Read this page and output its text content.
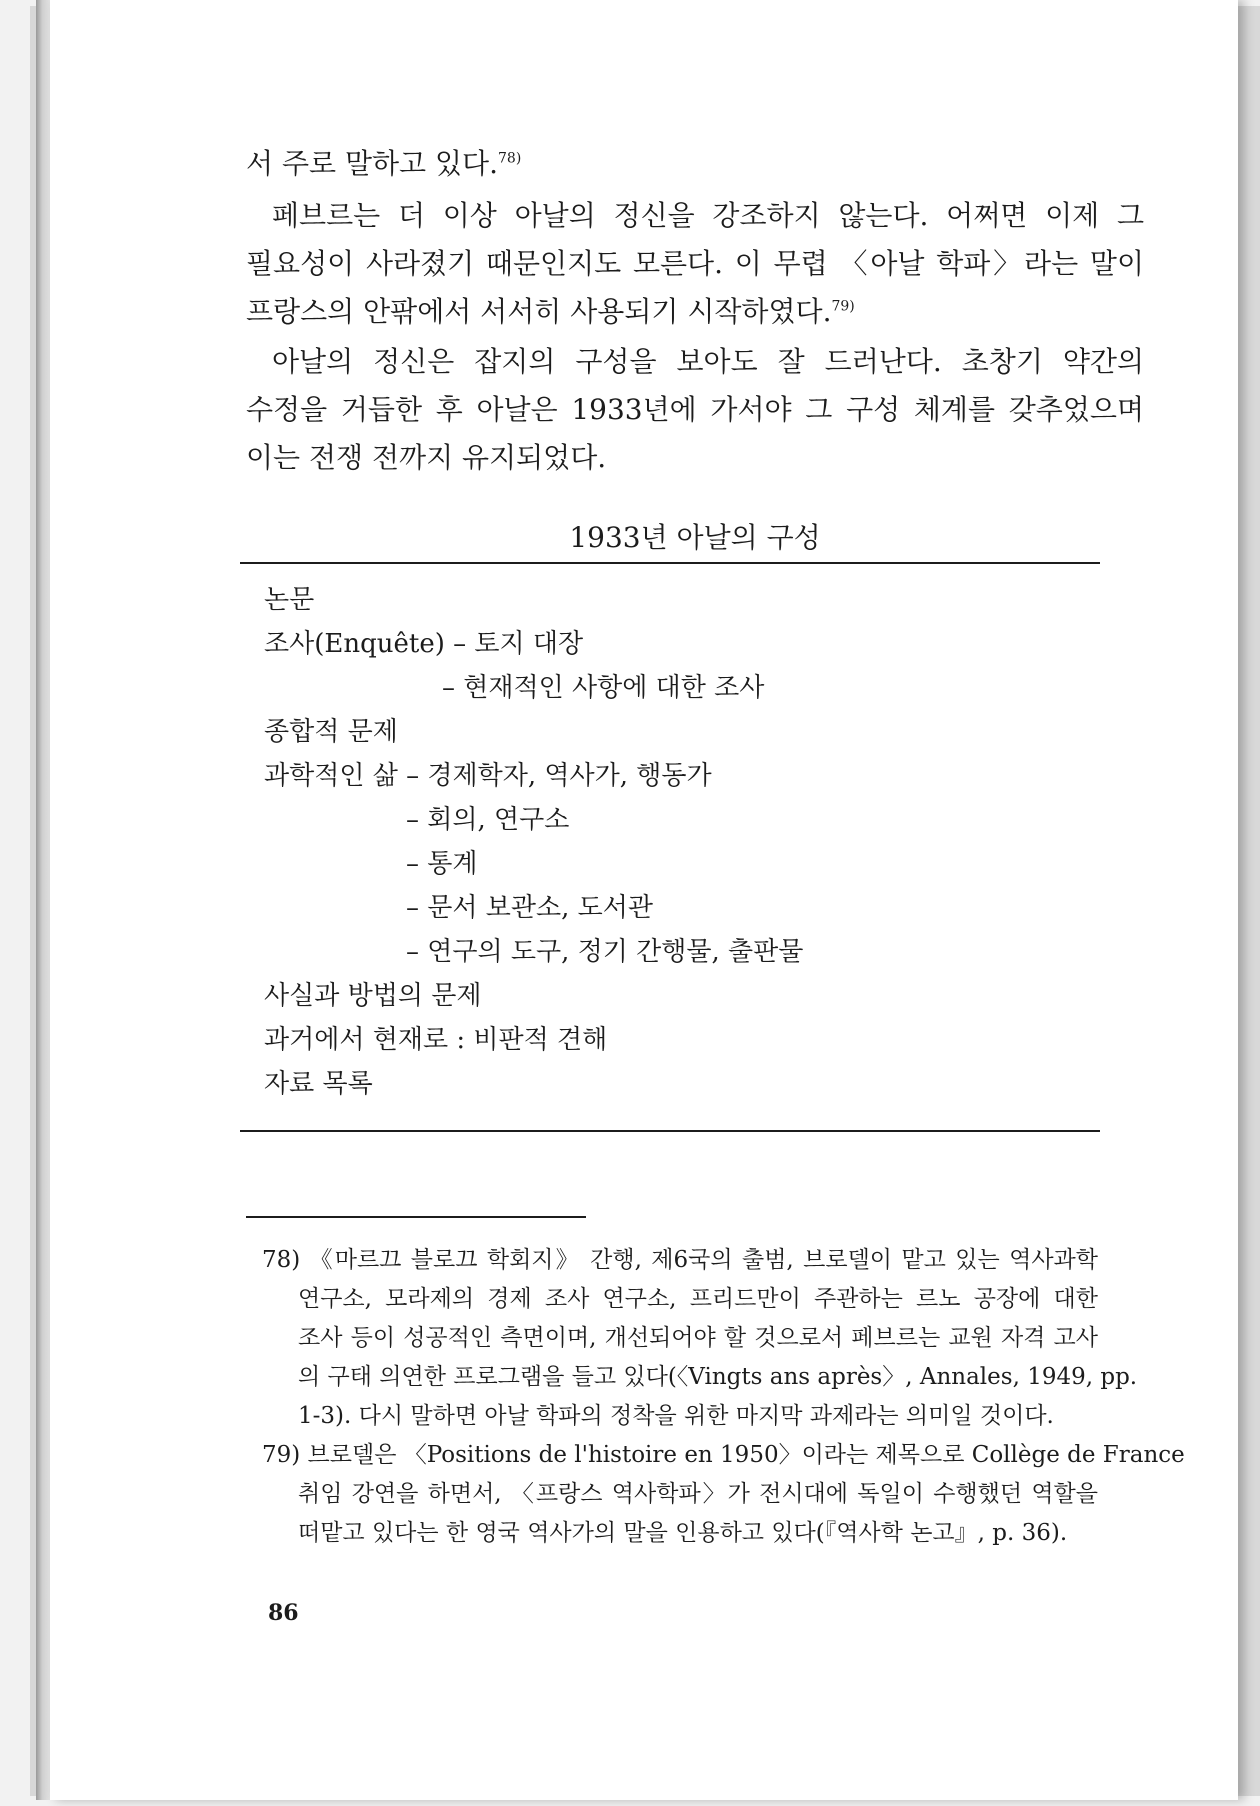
서 주로 말하고 있다.$^{78)}$

페브르는 더 이상 아날의 정신을 강조하지 않는다. 어쩌면 이제 그

필요성이 사라졌기 때문인지도 모른다. 이 무렵 〈아날 학파〉라는 말이

프랑스의 안팎에서 서서히 사용되기 시작하였다.$^{79)}$

아날의 정신은 잡지의 구성을 보아도 잘 드러난다. 초창기 약간의

수정을 거듭한 후 아날은 1933년에 가서야 그 구성 체계를 갖추었으며

이는 전쟁 전까지 유지되었다.

1933년 아날의 구성
논문
조사(Enquête) – 토지 대장
– 현재적인 사항에 대한 조사
종합적 문제
과학적인 삶 – 경제학자, 역사가, 행동가
– 회의, 연구소
– 통계
– 문서 보관소, 도서관
– 연구의 도구, 정기 간행물, 출판물
사실과 방법의 문제
과거에서 현재로 : 비판적 견해
자료 목록
78) 《마르끄 블로끄 학회지》 간행, 제6국의 출범, 브로델이 맡고 있는 역사과학
연구소, 모라제의 경제 조사 연구소, 프리드만이 주관하는 르노 공장에 대한
조사 등이 성공적인 측면이며, 개선되어야 할 것으로서 페브르는 교원 자격 고사
의 구태 의연한 프로그램을 들고 있다(〈Vingts ans après〉, Annales, 1949, pp.
1-3). 다시 말하면 아날 학파의 정착을 위한 마지막 과제라는 의미일 것이다.
79) 브로델은 〈Positions de l'histoire en 1950〉이라는 제목으로 Collège de France
취임 강연을 하면서, 〈프랑스 역사학파〉가 전시대에 독일이 수행했던 역할을
떠맡고 있다는 한 영국 역사가의 말을 인용하고 있다(『역사학 논고』, p. 36).
86
